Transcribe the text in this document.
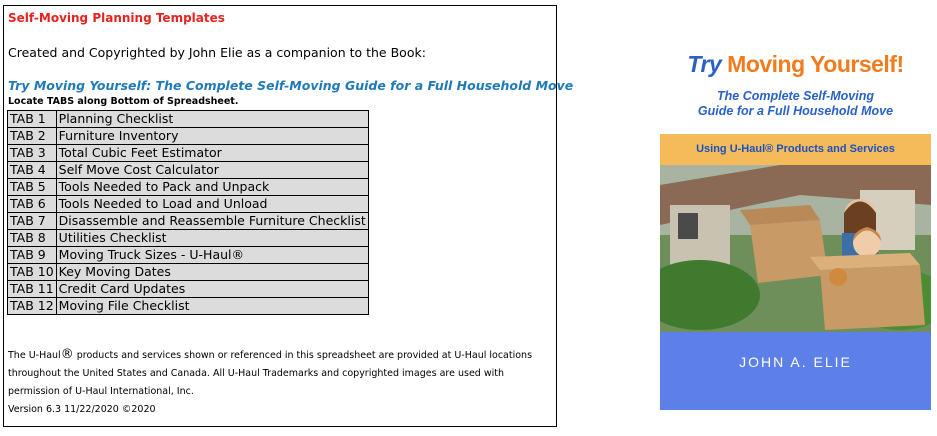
Self-Moving Planning Templates
Created and Copyrighted by John Elie as a companion to the Book:
Try Moving Yourself: The Complete Self-Moving Guide for a Full Household Move
Locate TABS along Bottom of Spreadsheet.
TAB 1	Planning Checklist
TAB 2	Furniture Inventory
TAB 3	Total Cubic Feet Estimator
TAB 4	Self Move Cost Calculator
TAB 5	Tools Needed to Pack and Unpack
TAB 6	Tools Needed to Load and Unload
TAB 7	Disassemble and Reassemble Furniture Checklist
TAB 8	Utilities Checklist
TAB 9	Moving Truck Sizes - U-Haul®
TAB 10	Key Moving Dates
TAB 11	Credit Card Updates
TAB 12	Moving File Checklist
The U-Haul® products and services shown or referenced in this spreadsheet are provided at U-Haul locations
throughout the United States and Canada. All U-Haul Trademarks and copyrighted images are used with
permission of U-Haul International, Inc.
Version 6.3 11/22/2020 ©2020
Try Moving Yourself!
The Complete Self-Moving
Guide for a Full Household Move
Using U-Haul® Products and Services
JOHN A. ELIE
